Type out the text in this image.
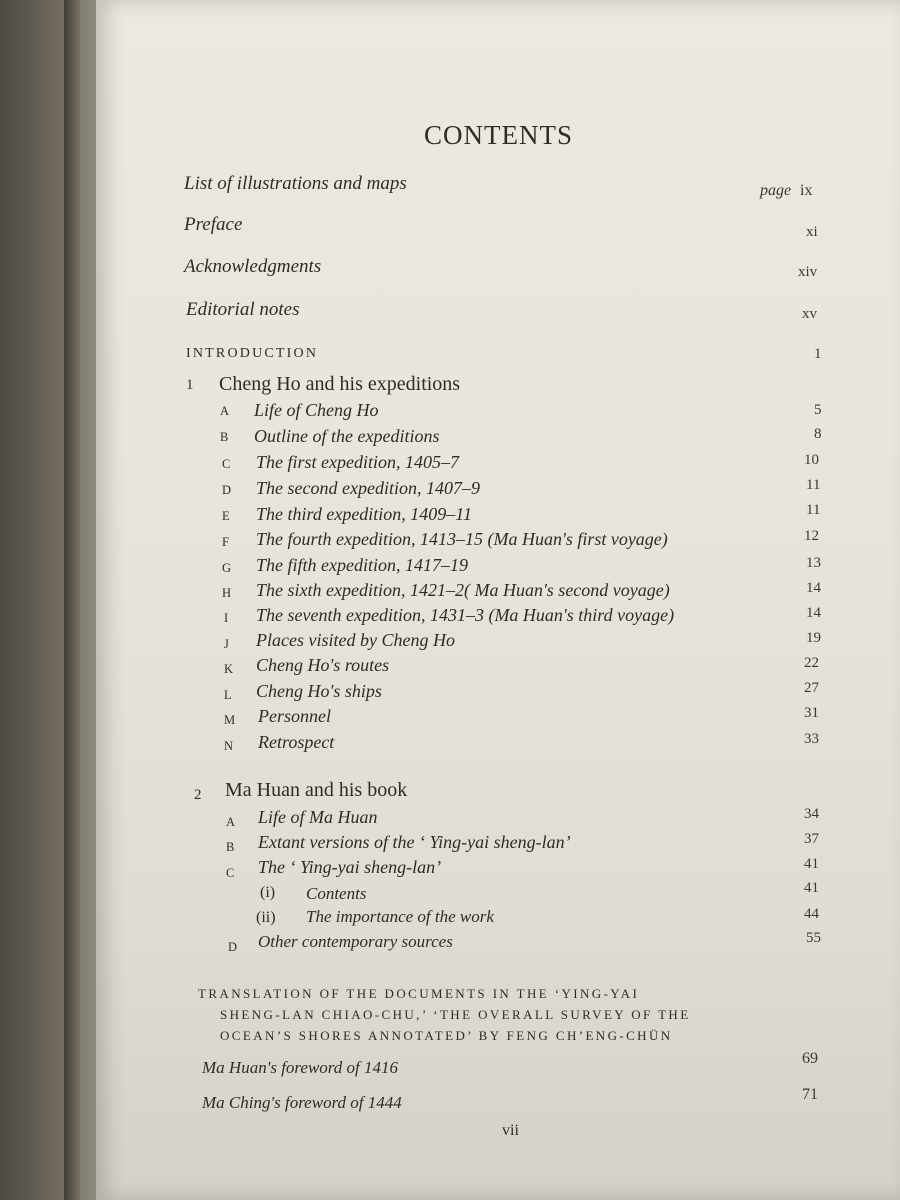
CONTENTS
List of illustrations and maps	page ix
Preface	xi
Acknowledgments	xiv
Editorial notes	xv
INTRODUCTION	1
1 Cheng Ho and his expeditions
A Life of Cheng Ho	5
B Outline of the expeditions	8
C The first expedition, 1405–7	10
D The second expedition, 1407–9	11
E The third expedition, 1409–11	11
F The fourth expedition, 1413–15 (Ma Huan's first voyage)	12
G The fifth expedition, 1417–19	13
H The sixth expedition, 1421–2( Ma Huan's second voyage)	14
I The seventh expedition, 1431–3 (Ma Huan's third voyage)	14
J Places visited by Cheng Ho	19
K Cheng Ho's routes	22
L Cheng Ho's ships	27
M Personnel	31
N Retrospect	33
2 Ma Huan and his book
A Life of Ma Huan	34
B Extant versions of the ‘ Ying-yai sheng-lan’	37
C The ‘ Ying-yai sheng-lan’	41
(i) Contents	41
(ii) The importance of the work	44
D Other contemporary sources	55
TRANSLATION OF THE DOCUMENTS IN THE ‘YING-YAI
SHENG-LAN CHIAO-CHU,’ ‘THE OVERALL SURVEY OF THE
OCEAN’S SHORES ANNOTATED’ BY FENG CH’ENG-CHÜN
Ma Huan's foreword of 1416	69
Ma Ching's foreword of 1444	71
vii
